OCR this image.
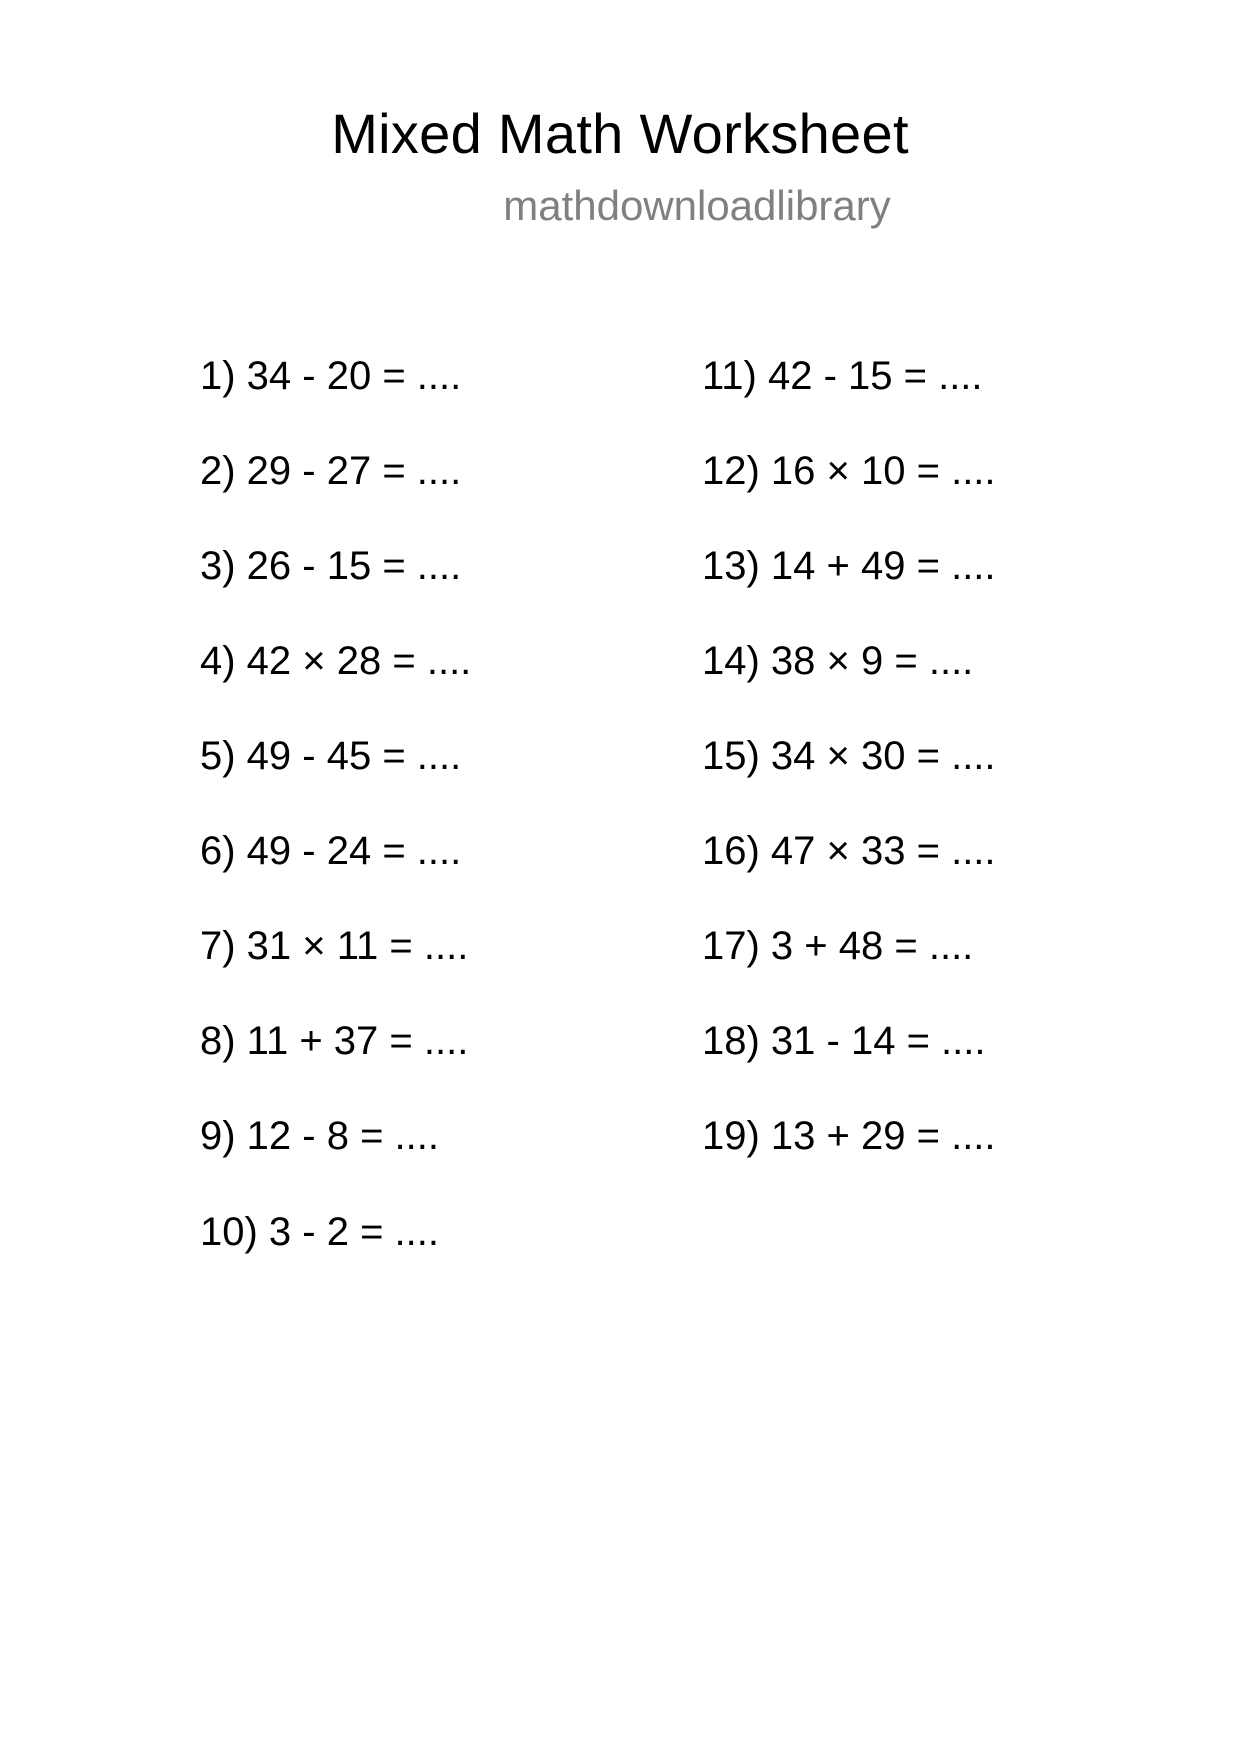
Mixed Math Worksheet
mathdownloadlibrary
1) 34 - 20 = ....
2) 29 - 27 = ....
3) 26 - 15 = ....
4) 42 × 28 = ....
5) 49 - 45 = ....
6) 49 - 24 = ....
7) 31 × 11 = ....
8) 11 + 37 = ....
9) 12 - 8 = ....
10) 3 - 2 = ....
11) 42 - 15 = ....
12) 16 × 10 = ....
13) 14 + 49 = ....
14) 38 × 9 = ....
15) 34 × 30 = ....
16) 47 × 33 = ....
17) 3 + 48 = ....
18) 31 - 14 = ....
19) 13 + 29 = ....
